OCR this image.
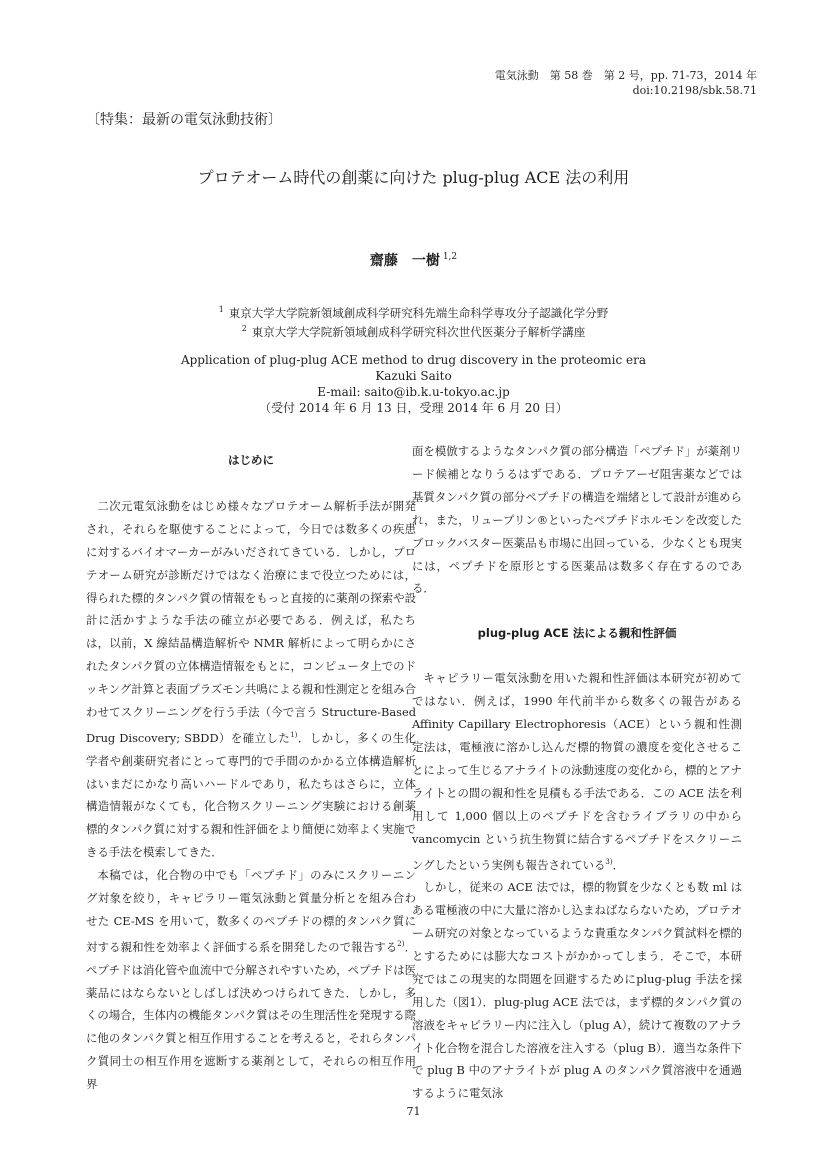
電気泳動　第 58 巻　第 2 号，pp. 71-73，2014 年
doi:10.2198/sbk.58.71
〔特集：最新の電気泳動技術〕
プロテオーム時代の創薬に向けた plug-plug ACE 法の利用
齋藤　一樹 $^{1,2}$
$^1$ 東京大学大学院新領域創成科学研究科先端生命科学専攻分子認識化学分野
$^2$ 東京大学大学院新領域創成科学研究科次世代医薬分子解析学講座
Application of plug-plug ACE method to drug discovery in the proteomic era
Kazuki Saito
E-mail: saito@ib.k.u-tokyo.ac.jp
（受付 2014 年 6 月 13 日，受理 2014 年 6 月 20 日）
はじめに

二次元電気泳動をはじめ様々なプロテオーム解析手法が開発され，それらを駆使することによって，今日では数多くの疾患に対するバイオマーカーがみいだされてきている．しかし，プロテオーム研究が診断だけではなく治療にまで役立つためには，得られた標的タンパク質の情報をもっと直接的に薬剤の探索や設計に活かすような手法の確立が必要である．例えば，私たちは，以前，X 線結晶構造解析や NMR 解析によって明らかにされたタンパク質の立体構造情報をもとに，コンピュータ上でのドッキング計算と表面プラズモン共鳴による親和性測定とを組み合わせてスクリーニングを行う手法（今で言う Structure-Based Drug Discovery; SBDD）を確立した$^{1)}$．しかし，多くの生化学者や創薬研究者にとって専門的で手間のかかる立体構造解析はいまだにかなり高いハードルであり，私たちはさらに，立体構造情報がなくても，化合物スクリーニング実験における創薬標的タンパク質に対する親和性評価をより簡便に効率よく実施できる手法を模索してきた．

本稿では，化合物の中でも「ペプチド」のみにスクリーニング対象を絞り，キャピラリー電気泳動と質量分析とを組み合わせた CE-MS を用いて，数多くのペプチドの標的タンパク質に対する親和性を効率よく評価する系を開発したので報告する$^{2)}$．ペプチドは消化管や血流中で分解されやすいため，ペプチドは医薬品にはならないとしばしば決めつけられてきた．しかし，多くの場合，生体内の機能タンパク質はその生理活性を発現する際に他のタンパク質と相互作用することを考えると，それらタンパク質同士の相互作用を遮断する薬剤として，それらの相互作用界

面を模倣するようなタンパク質の部分構造「ペプチド」が薬剤リード候補となりうるはずである．プロテアーゼ阻害薬などでは基質タンパク質の部分ペプチドの構造を端緒として設計が進められ，また，リュープリン®といったペプチドホルモンを改変したブロックバスター医薬品も市場に出回っている．少なくとも現実には，ペプチドを原形とする医薬品は数多く存在するのである．

plug-plug ACE 法による親和性評価

キャピラリー電気泳動を用いた親和性評価は本研究が初めてではない．例えば，1990 年代前半から数多くの報告があるAffinity Capillary Electrophoresis（ACE）という親和性測定法は，電極液に溶かし込んだ標的物質の濃度を変化させることによって生じるアナライトの泳動速度の変化から，標的とアナライトとの間の親和性を見積もる手法である．この ACE 法を利用して 1,000 個以上のペプチドを含むライブラリの中から vancomycin という抗生物質に結合するペプチドをスクリーニングしたという実例も報告されている$^{3)}$．

しかし，従来の ACE 法では，標的物質を少なくとも数 ml はある電極液の中に大量に溶かし込まねばならないため，プロテオーム研究の対象となっているような貴重なタンパク質試料を標的とするためには膨大なコストがかかってしまう．そこで，本研究ではこの現実的な問題を回避するためにplug-plug 手法を採用した（図1）．plug-plug ACE 法では，まず標的タンパク質の溶液をキャピラリー内に注入し（plug A），続けて複数のアナライト化合物を混合した溶液を注入する（plug B）．適当な条件下で plug B 中のアナライトが plug A のタンパク質溶液中を通過するように電気泳

71
